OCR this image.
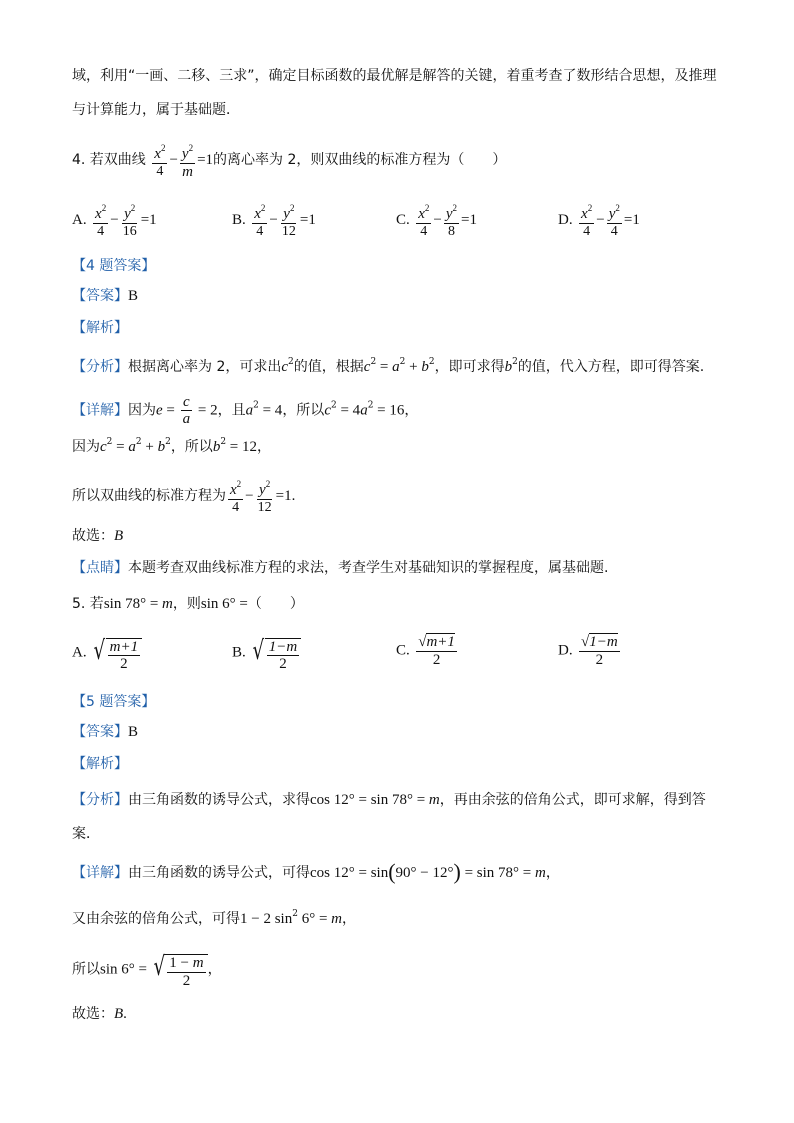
域，利用“一画、二移、三求”，确定目标函数的最优解是解答的关键，着重考查了数形结合思想，及推理
与计算能力，属于基础题．
4. 若双曲线 $\frac{x^2}{4} - \frac{y^2}{m} =1$的离心率为 2，则双曲线的标准方程为（　　）
A. $\frac{x^2}{4} - \frac{y^2}{16} =1$	B. $\frac{x^2}{4} - \frac{y^2}{12} =1$	C. $\frac{x^2}{4} - \frac{y^2}{8} =1$	D. $\frac{x^2}{4} - \frac{y^2}{4} =1$
【4 题答案】
【答案】B
【解析】
【分析】根据离心率为 2，可求出$c^2$的值，根据$c^2 = a^2 + b^2$，即可求得$b^2$的值，代入方程，即可得答案.
【详解】因为$e = \frac{c}{a} = 2$，且$a^2 = 4$，所以$c^2 = 4a^2 = 16$，
因为$c^2 = a^2 + b^2$，所以$b^2 = 12$，
所以双曲线的标准方程为 $\frac{x^2}{4} - \frac{y^2}{12} =1$.
故选：B
【点睛】本题考查双曲线标准方程的求法，考查学生对基础知识的掌握程度，属基础题.
5. 若sin 78° = m，则sin 6° =（　　）
A. √ $\frac{m+1}{2}$	B. √ $\frac{1-m}{2}$	C. $\frac{√m+1}{2}$	D. $\frac{√1-m}{2}$
【5 题答案】
【答案】B
【解析】
【分析】由三角函数的诱导公式，求得cos 12° = sin 78° = m，再由余弦的倍角公式，即可求解，得到答
案．
【详解】由三角函数的诱导公式，可得cos 12° = sin(90° − 12°) = sin 78° = m，
又由余弦的倍角公式，可得1 − 2 $\sin^2 6^\circ = m$，
所以sin 6° = √ $\frac{1 - m}{2}$ ，
故选：B.
